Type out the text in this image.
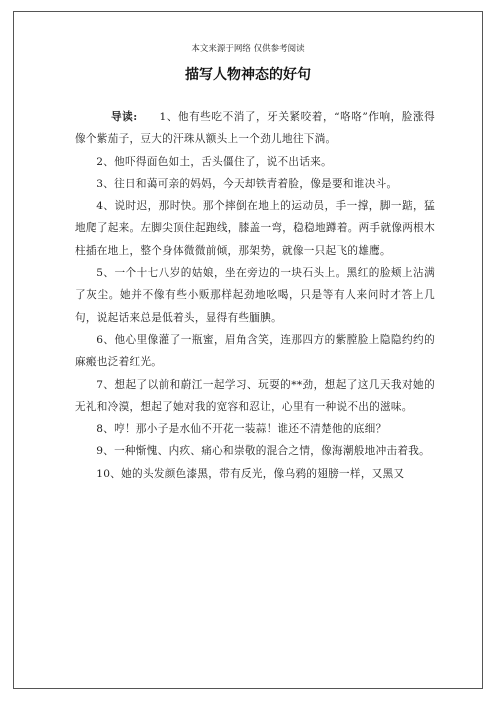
本文来源于网络 仅供参考阅读
描写人物神态的好句

导读: 1、他有些吃不消了，牙关紧咬着，“咯咯”作响，脸涨得像个紫茄子，豆大的汗珠从额头上一个劲儿地往下淌。

2、他吓得面色如土，舌头僵住了，说不出话来。

3、往日和蔼可亲的妈妈，今天却铁青着脸，像是要和谁决斗。

4、说时迟，那时快。那个摔倒在地上的运动员，手一撑，脚一踮，猛地爬了起来。左脚尖顶住起跑线，膝盖一弯，稳稳地蹲着。两手就像两根木柱插在地上，整个身体微微前倾，那架势，就像一只起飞的雄鹰。

5、一个十七八岁的姑娘，坐在旁边的一块石头上。黑红的脸颊上沾满了灰尘。她并不像有些小贩那样起劲地吆喝，只是等有人来问时才答上几句，说起话来总是低着头，显得有些腼腆。

6、他心里像灌了一瓶蜜，眉角含笑，连那四方的紫膛脸上隐隐约约的麻瘢也泛着红光。

7、想起了以前和蔚江一起学习、玩耍的**劲，想起了这几天我对她的无礼和冷漠，想起了她对我的宽容和忍让，心里有一种说不出的滋味。

8、哼！那小子是水仙不开花一装蒜！谁还不清楚他的底细？

9、一种惭愧、内疚、痛心和崇敬的混合之情，像海潮般地冲击着我。

10、她的头发颜色漆黑，带有反光，像乌鸦的翅膀一样，又黑又
